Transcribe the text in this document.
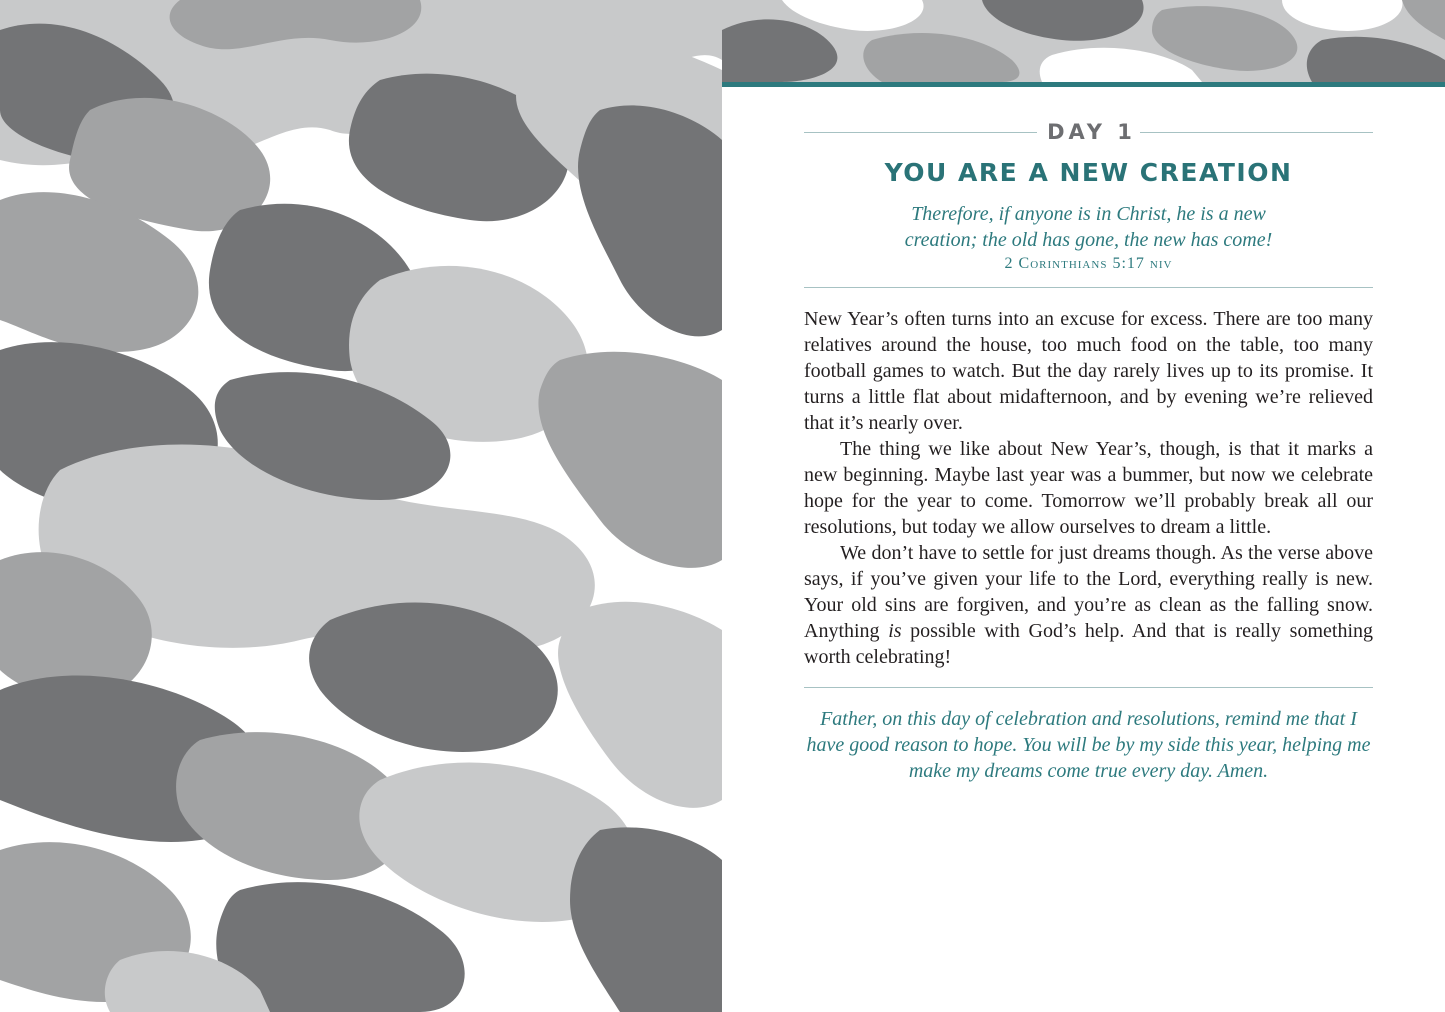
DAY 1
YOU ARE A NEW CREATION
Therefore, if anyone is in Christ, he is a new creation; the old has gone, the new has come!
2 Corinthians 5:17 niv

New Year’s often turns into an excuse for excess. There are too many relatives around the house, too much food on the table, too many football games to watch. But the day rarely lives up to its promise. It turns a little flat about midafternoon, and by evening we’re relieved that it’s nearly over.

The thing we like about New Year’s, though, is that it marks a new beginning. Maybe last year was a bummer, but now we celebrate hope for the year to come. Tomorrow we’ll probably break all our resolutions, but today we allow ourselves to dream a little.

We don’t have to settle for just dreams though. As the verse above says, if you’ve given your life to the Lord, everything really is new. Your old sins are forgiven, and you’re as clean as the falling snow. Anything is possible with God’s help. And that is really something worth celebrating!

Father, on this day of celebration and resolutions, remind me that I have good reason to hope. You will be by my side this year, helping me make my dreams come true every day. Amen.
